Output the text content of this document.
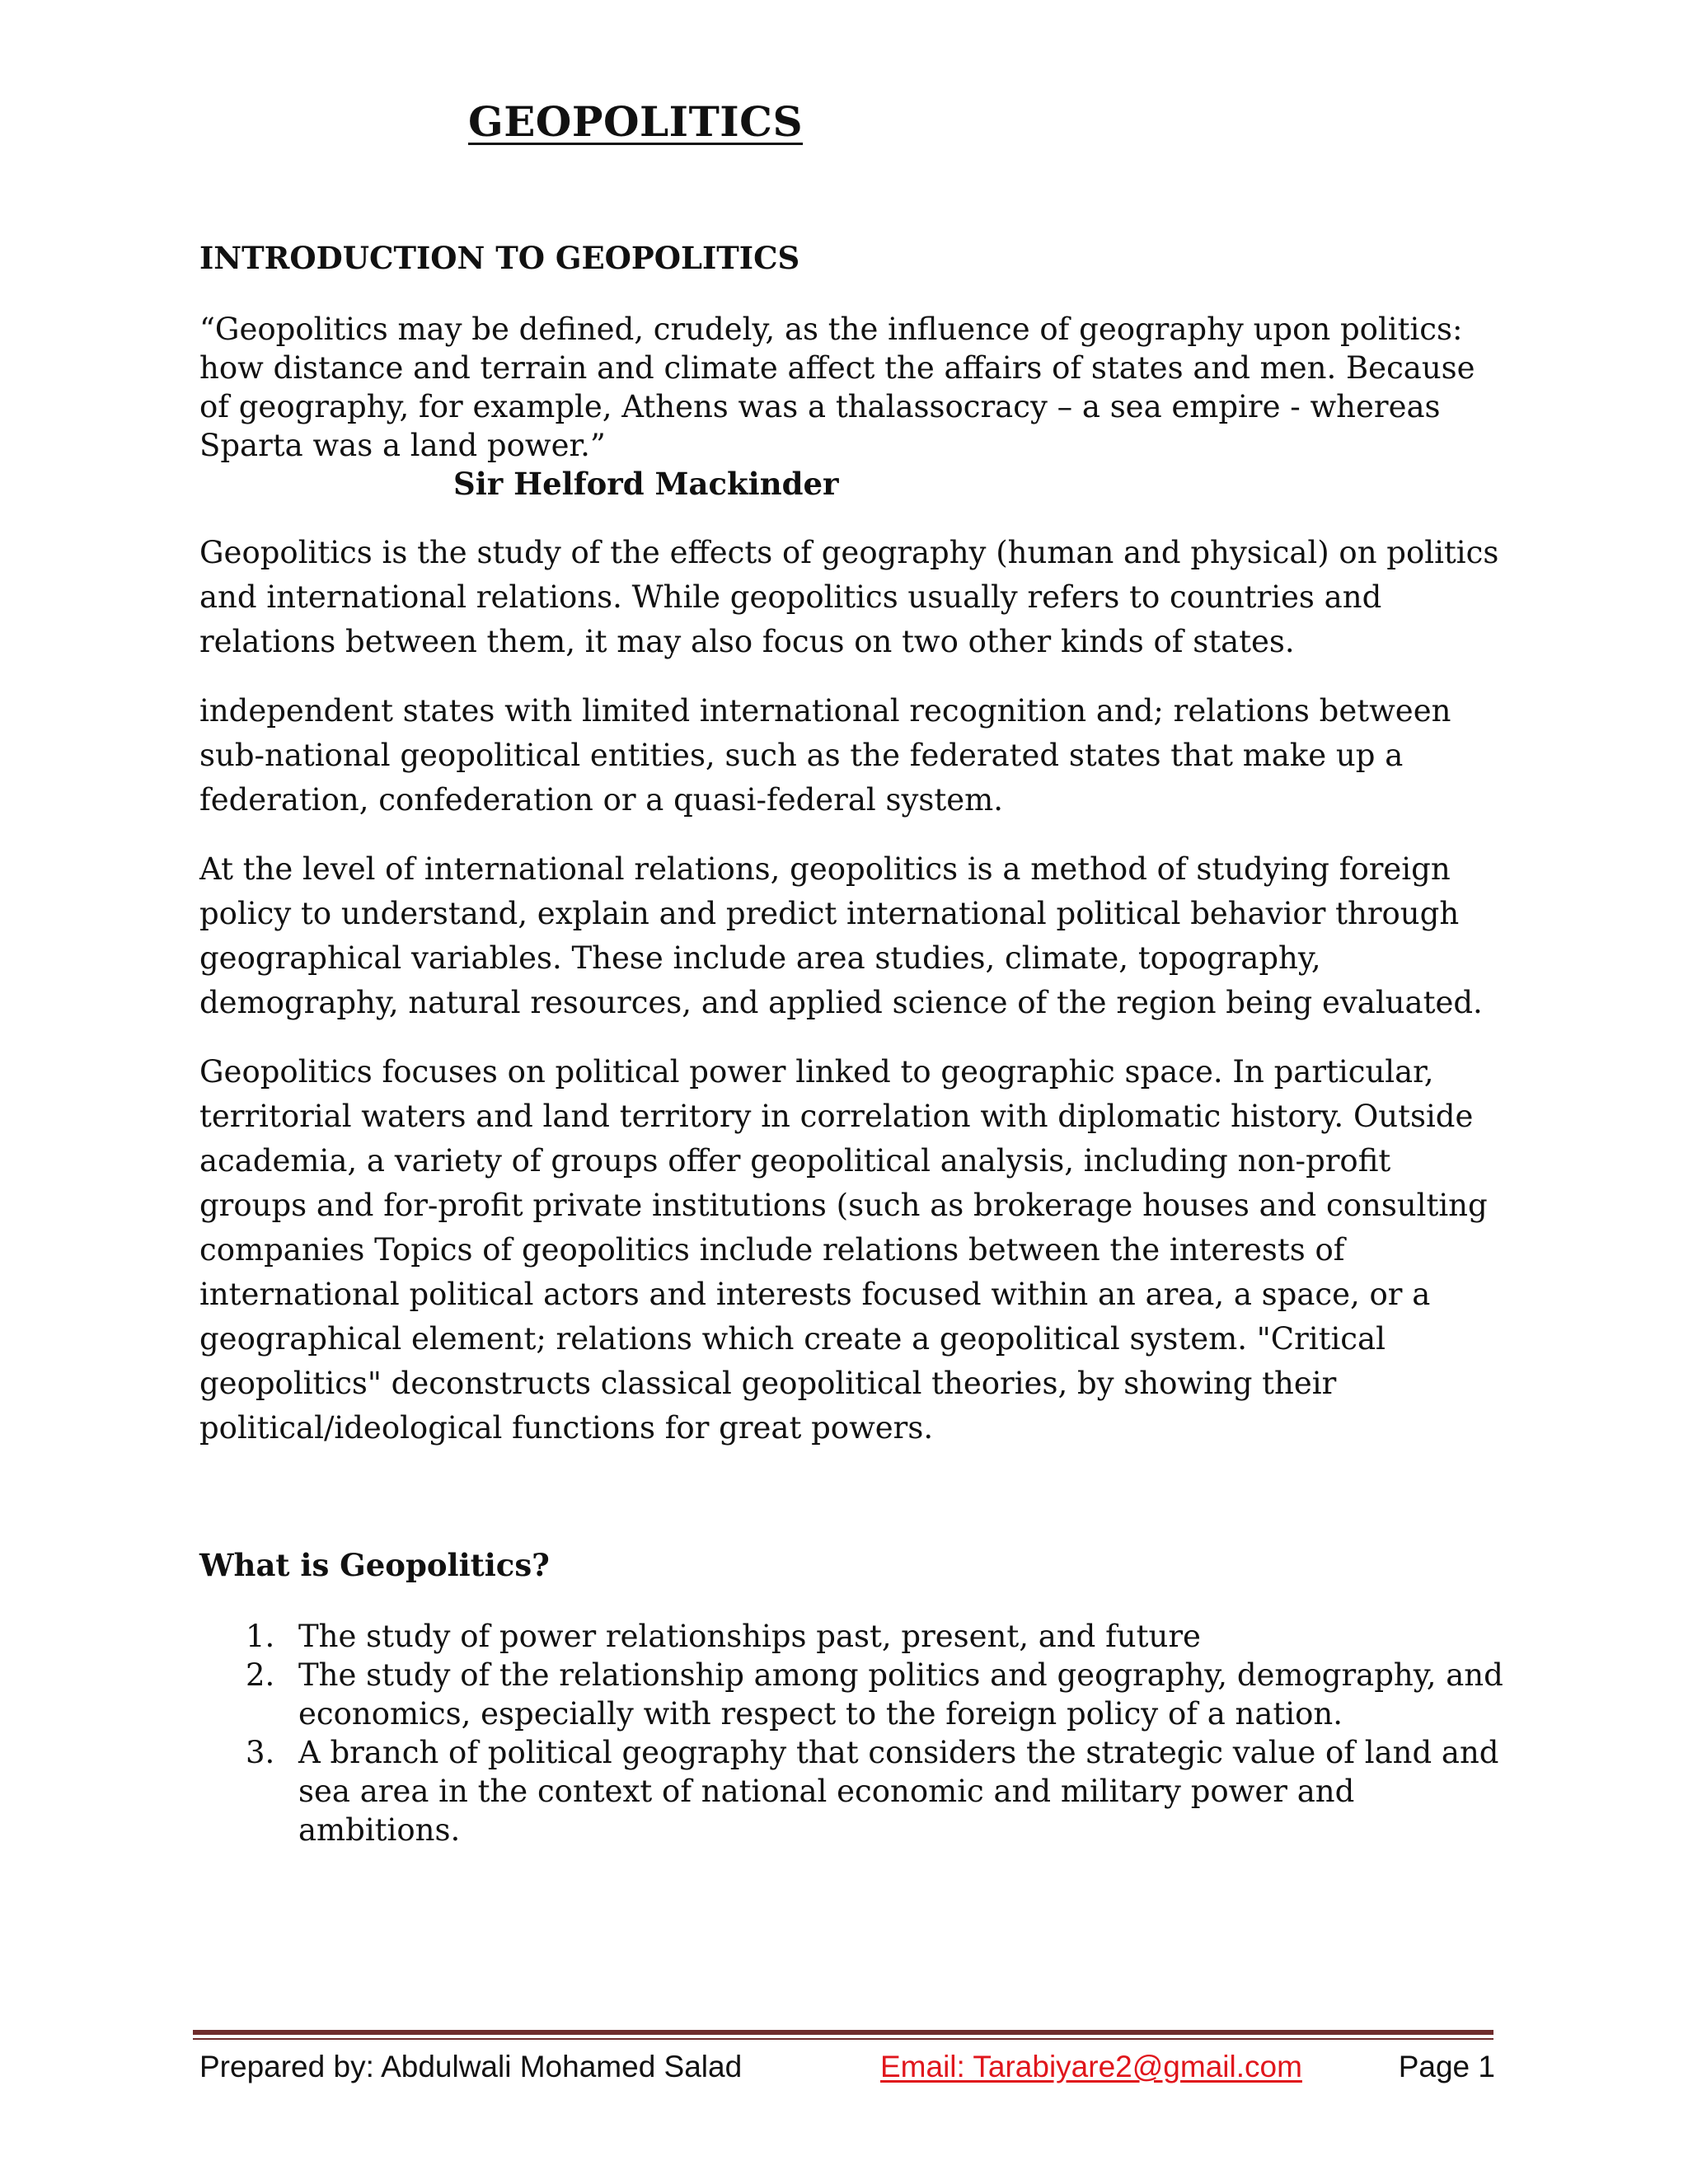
GEOPOLITICS
INTRODUCTION TO GEOPOLITICS

“Geopolitics may be defined, crudely, as the influence of geography upon politics: how distance and terrain and climate affect the affairs of states and men. Because of geography, for example, Athens was a thalassocracy – a sea empire - whereas Sparta was a land power.”

Sir Helford Mackinder

Geopolitics is the study of the effects of geography (human and physical) on politics and international relations. While geopolitics usually refers to countries and relations between them, it may also focus on two other kinds of states.

independent states with limited international recognition and; relations between sub-national geopolitical entities, such as the federated states that make up a federation, confederation or a quasi-federal system.

At the level of international relations, geopolitics is a method of studying foreign policy to understand, explain and predict international political behavior through geographical variables. These include area studies, climate, topography, demography, natural resources, and applied science of the region being evaluated.

Geopolitics focuses on political power linked to geographic space. In particular, territorial waters and land territory in correlation with diplomatic history. Outside academia, a variety of groups offer geopolitical analysis, including non-profit groups and for-profit private institutions (such as brokerage houses and consulting companies Topics of geopolitics include relations between the interests of international political actors and interests focused within an area, a space, or a geographical element; relations which create a geopolitical system. "Critical geopolitics" deconstructs classical geopolitical theories, by showing their political/ideological functions for great powers.

What is Geopolitics?
1. The study of power relationships past, present, and future
2. The study of the relationship among politics and geography, demography, and economics, especially with respect to the foreign policy of a nation.
3. A branch of political geography that considers the strategic value of land and sea area in the context of national economic and military power and ambitions.
Prepared by: Abdulwali Mohamed Salad	Email: Tarabiyare2@gmail.com	Page 1
